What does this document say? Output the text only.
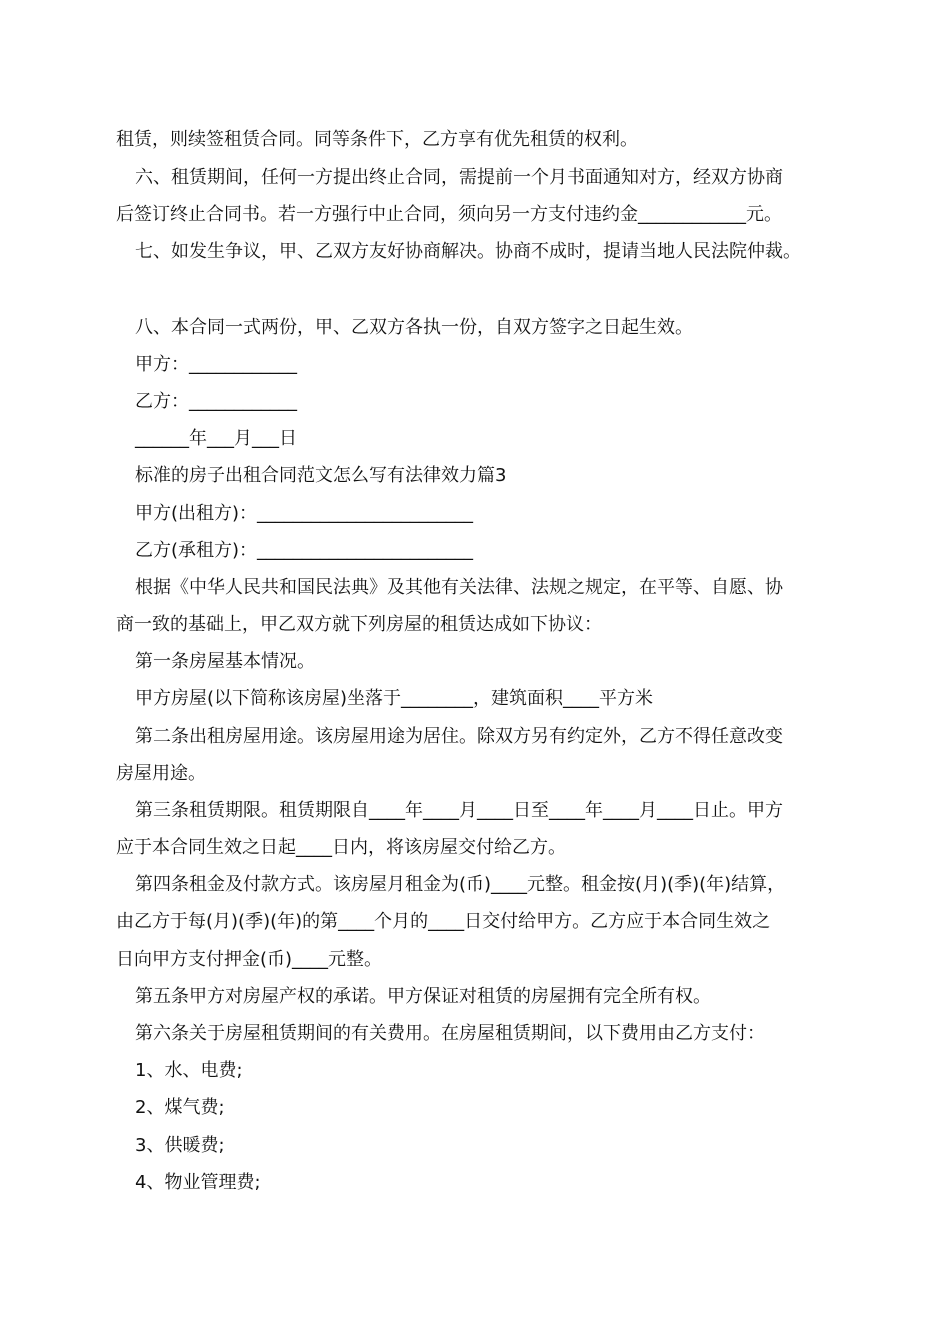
租赁，则续签租赁合同。同等条件下，乙方享有优先租赁的权利。
六、租赁期间，任何一方提出终止合同，需提前一个月书面通知对方，经双方协商
后签订终止合同书。若一方强行中止合同，须向另一方支付违约金____________元。
七、如发生争议，甲、乙双方友好协商解决。协商不成时，提请当地人民法院仲裁。
八、本合同一式两份，甲、乙双方各执一份，自双方签字之日起生效。
甲方：____________
乙方：____________
______年___月___日
标准的房子出租合同范文怎么写有法律效力篇3
甲方(出租方)：________________________
乙方(承租方)：________________________
根据《中华人民共和国民法典》及其他有关法律、法规之规定，在平等、自愿、协
商一致的基础上，甲乙双方就下列房屋的租赁达成如下协议：
第一条房屋基本情况。
甲方房屋(以下简称该房屋)坐落于________，建筑面积____平方米
第二条出租房屋用途。该房屋用途为居住。除双方另有约定外，乙方不得任意改变
房屋用途。
第三条租赁期限。租赁期限自____年____月____日至____年____月____日止。甲方
应于本合同生效之日起____日内，将该房屋交付给乙方。
第四条租金及付款方式。该房屋月租金为(币)____元整。租金按(月)(季)(年)结算，
由乙方于每(月)(季)(年)的第____个月的____日交付给甲方。乙方应于本合同生效之
日向甲方支付押金(币)____元整。
第五条甲方对房屋产权的承诺。甲方保证对租赁的房屋拥有完全所有权。
第六条关于房屋租赁期间的有关费用。在房屋租赁期间，以下费用由乙方支付：
1、水、电费;
2、煤气费;
3、供暖费;
4、物业管理费;
